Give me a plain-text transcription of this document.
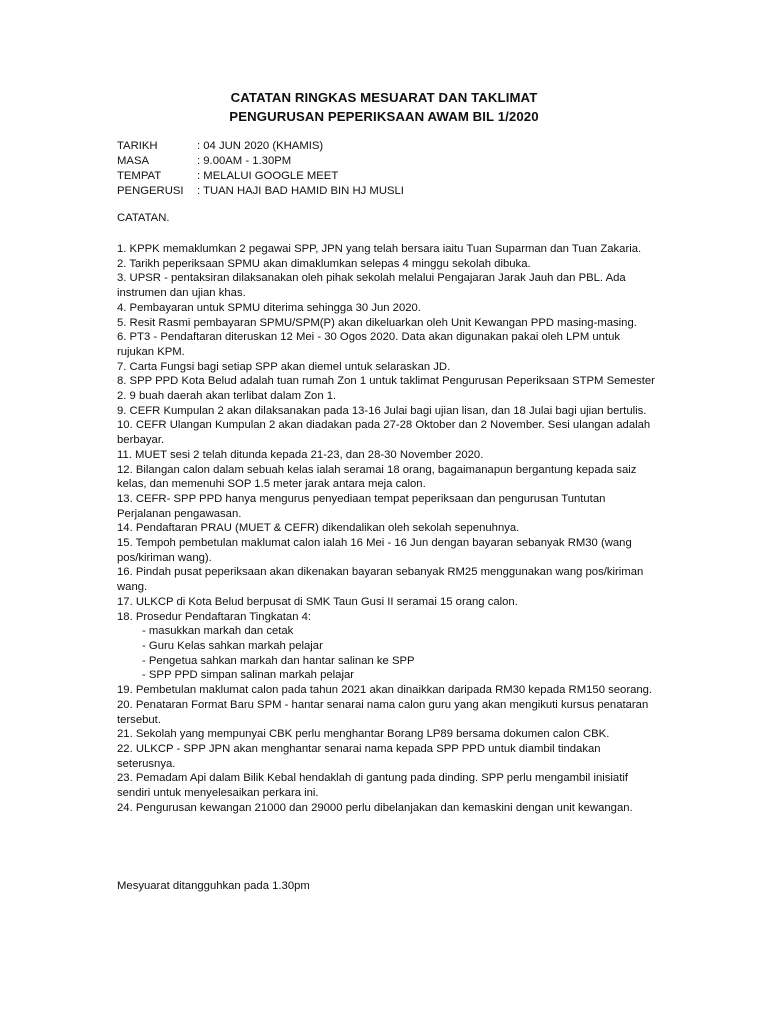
CATATAN RINGKAS MESUARAT DAN TAKLIMAT
PENGURUSAN PEPERIKSAAN AWAM BIL 1/2020
TARIKH	: 04 JUN 2020 (KHAMIS)
MASA	: 9.00AM - 1.30PM
TEMPAT	: MELALUI GOOGLE MEET
PENGERUSI	: TUAN HAJI BAD HAMID BIN HJ MUSLI
CATATAN.

1. KPPK memaklumkan 2 pegawai SPP, JPN yang telah bersara iaitu Tuan Suparman dan Tuan Zakaria.

2. Tarikh peperiksaan SPMU akan dimaklumkan selepas 4 minggu sekolah dibuka.

3. UPSR - pentaksiran dilaksanakan oleh pihak sekolah melalui Pengajaran Jarak Jauh dan PBL. Ada instrumen dan ujian khas.

4. Pembayaran untuk SPMU diterima sehingga 30 Jun 2020.

5. Resit Rasmi pembayaran SPMU/SPM(P) akan dikeluarkan oleh Unit Kewangan PPD masing-masing.

6. PT3 - Pendaftaran diteruskan 12 Mei - 30 Ogos 2020. Data akan digunakan pakai oleh LPM untuk rujukan KPM.

7. Carta Fungsi bagi setiap SPP akan diemel untuk selaraskan JD.

8. SPP PPD Kota Belud adalah tuan rumah Zon 1 untuk taklimat Pengurusan Peperiksaan STPM Semester 2. 9 buah daerah akan terlibat dalam Zon 1.

9. CEFR Kumpulan 2 akan dilaksanakan pada 13-16 Julai bagi ujian lisan, dan 18 Julai bagi ujian bertulis.

10. CEFR Ulangan Kumpulan 2 akan diadakan pada 27-28 Oktober dan 2 November. Sesi ulangan adalah berbayar.

11. MUET sesi 2 telah ditunda kepada 21-23, dan 28-30 November 2020.

12. Bilangan calon dalam sebuah kelas ialah seramai 18 orang, bagaimanapun bergantung kepada saiz kelas, dan memenuhi SOP 1.5 meter jarak antara meja calon.

13. CEFR- SPP PPD hanya mengurus penyediaan tempat peperiksaan dan pengurusan Tuntutan Perjalanan pengawasan.

14. Pendaftaran PRAU (MUET & CEFR) dikendalikan oleh sekolah sepenuhnya.

15. Tempoh pembetulan maklumat calon ialah 16 Mei - 16 Jun dengan bayaran sebanyak RM30 (wang pos/kiriman wang).

16. Pindah pusat peperiksaan akan dikenakan bayaran sebanyak RM25 menggunakan wang pos/kiriman wang.

17. ULKCP di Kota Belud berpusat di SMK Taun Gusi II seramai 15 orang calon.

18. Prosedur Pendaftaran Tingkatan 4:

- masukkan markah dan cetak
- Guru Kelas sahkan markah pelajar
- Pengetua sahkan markah dan hantar salinan ke SPP
- SPP PPD simpan salinan markah pelajar

19. Pembetulan maklumat calon pada tahun 2021 akan dinaikkan daripada RM30 kepada RM150 seorang.

20. Penataran Format Baru SPM - hantar senarai nama calon guru yang akan mengikuti kursus penataran tersebut.

21. Sekolah yang mempunyai CBK perlu menghantar Borang LP89 bersama dokumen calon CBK.

22. ULKCP - SPP JPN akan menghantar senarai nama kepada SPP PPD untuk diambil tindakan seterusnya.

23. Pemadam Api dalam Bilik Kebal hendaklah di gantung pada dinding. SPP perlu mengambil inisiatif sendiri untuk menyelesaikan perkara ini.

24. Pengurusan kewangan 21000 dan 29000 perlu dibelanjakan dan kemaskini dengan unit kewangan.

Mesyuarat ditangguhkan pada 1.30pm
